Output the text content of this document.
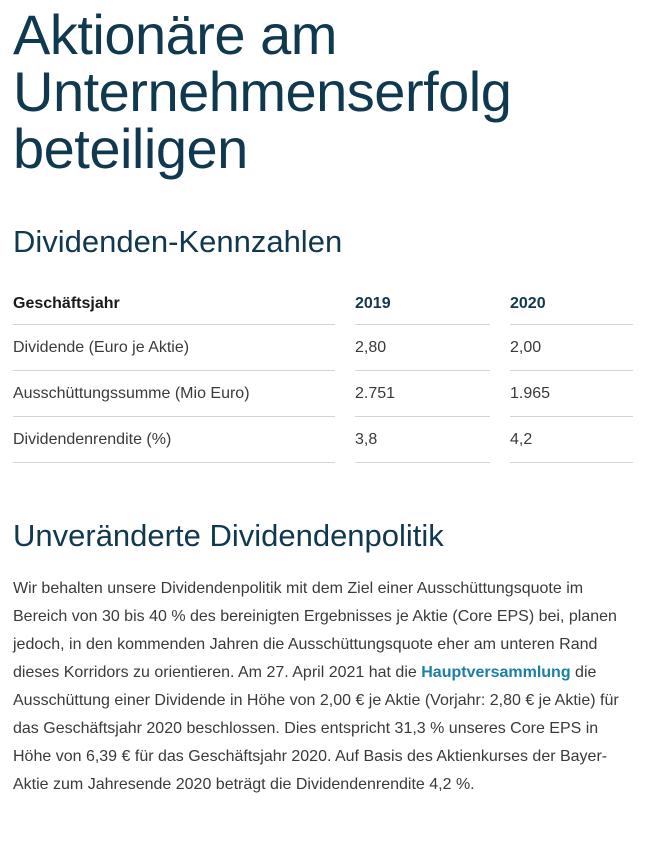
Aktionäre am
Unternehmenserfolg
beteiligen
Dividenden-Kennzahlen
Geschäftsjahr		2019		2020
Dividende (Euro je Aktie)		2,80		2,00
Ausschüttungssumme (Mio Euro)		2.751		1.965
Dividendenrendite (%)		3,8		4,2
Unveränderte Dividendenpolitik

Wir behalten unsere Dividendenpolitik mit dem Ziel einer Ausschüttungsquote im Bereich von 30 bis 40 % des bereinigten Ergebnisses je Aktie (Core EPS) bei, planen jedoch, in den kommenden Jahren die Ausschüttungsquote eher am unteren Rand dieses Korridors zu orientieren. Am 27. April 2021 hat die Hauptversammlung die Ausschüttung einer Dividende in Höhe von 2,00 € je Aktie (Vorjahr: 2,80 € je Aktie) für das Geschäftsjahr 2020 beschlossen. Dies entspricht 31,3 % unseres Core EPS in Höhe von 6,39 € für das Geschäftsjahr 2020. Auf Basis des Aktienkurses der Bayer-Aktie zum Jahresende 2020 beträgt die Dividendenrendite 4,2 %.
